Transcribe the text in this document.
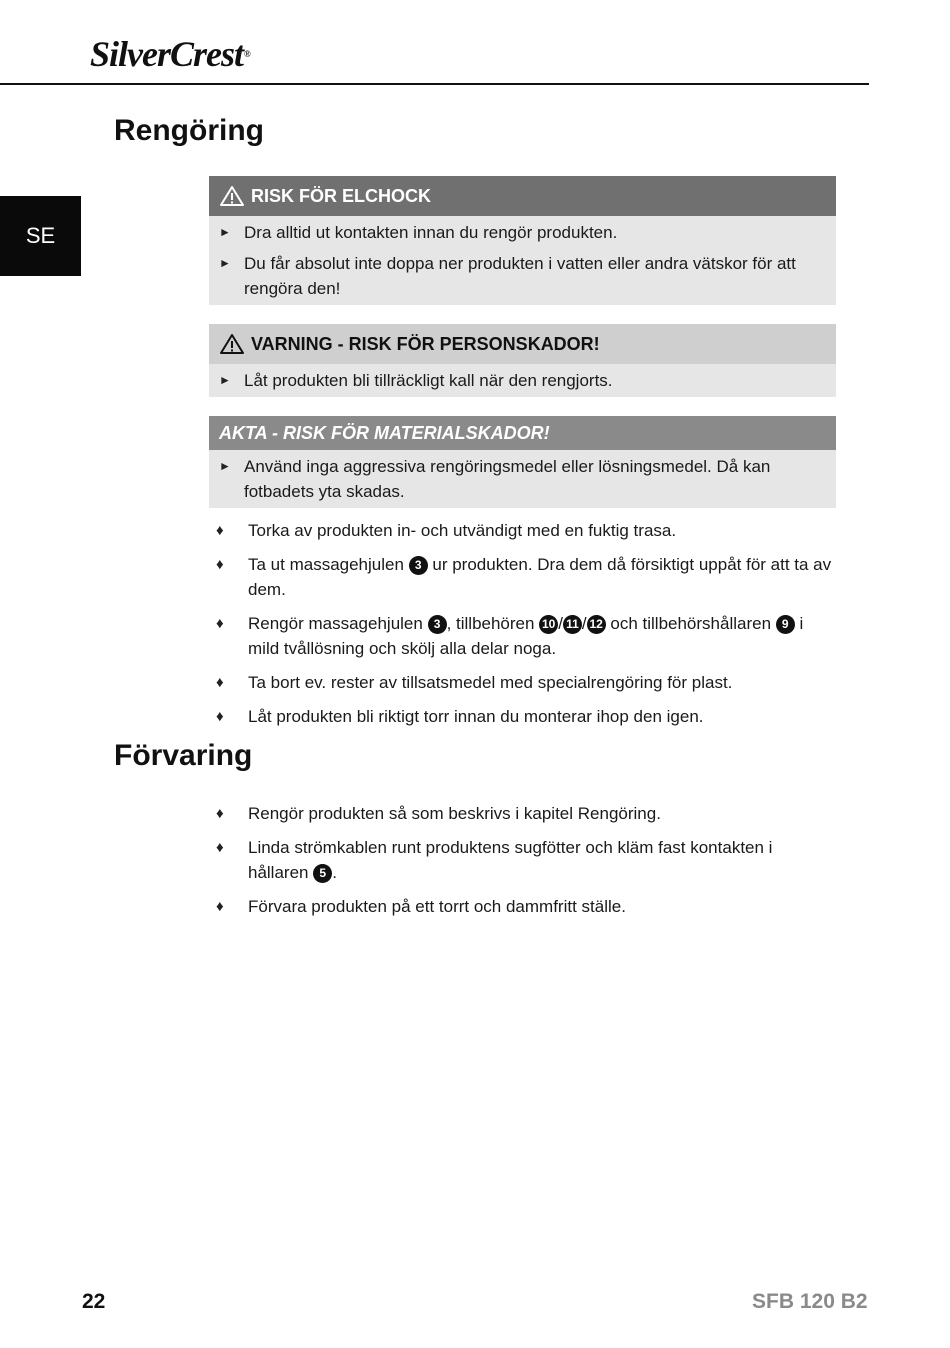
SilverCrest®
SE
Rengöring
RISK FÖR ELCHOCK
► Dra alltid ut kontakten innan du rengör produkten.
► Du får absolut inte doppa ner produkten i vatten eller andra vätskor för att rengöra den!
VARNING - RISK FÖR PERSONSKADOR!
► Låt produkten bli tillräckligt kall när den rengjorts.
AKTA - RISK FÖR MATERIALSKADOR!
► Använd inga aggressiva rengöringsmedel eller lösningsmedel. Då kan fotbadets yta skadas.
♦	Torka av produkten in- och utvändigt med en fuktig trasa.
♦	Ta ut massagehjulen 3 ur produkten. Dra dem då försiktigt uppåt för att ta av dem.
♦	Rengör massagehjulen 3 , tillbehören 10 / 11 / 12 och tillbehörshållaren 9 i mild tvållösning och skölj alla delar noga.
♦	Ta bort ev. rester av tillsatsmedel med specialrengöring för plast.
♦	Låt produkten bli riktigt torr innan du monterar ihop den igen.
Förvaring
♦	Rengör produkten så som beskrivs i kapitel Rengöring.
♦	Linda strömkablen runt produktens sugfötter och kläm fast kontakten i hållaren 5 .
♦	Förvara produkten på ett torrt och dammfritt ställe.
22	SFB 120 B2
